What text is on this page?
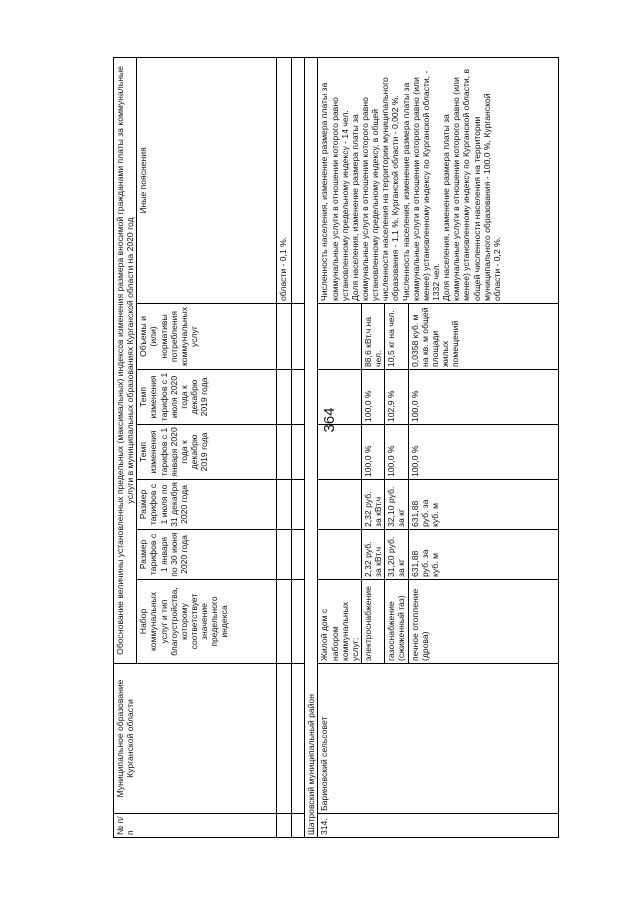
364
№ п/п	Муниципальное образование Курганской области	Обоснование величины установленных предельных (максимальных) индексов изменения размера вносимой гражданами платы за коммунальные услуги в муниципальных образованиях Курганской области на 2020 год						
		Набор коммунальных услуг и тип благоустройства, которому соответствует значение предельного индекса	Размер тарифов с 1 января по 30 июня 2020 года	Размер тарифов с 1 июля по 31 декабря 2020 года	Темп изменения тарифов с 1 января 2020 года к декабрю 2019 года	Темп изменения тарифов с 1 июля 2020 года к декабрю 2019 года	Объемы и (или) нормативы потребления коммунальных услуг	Иные пояснения
								области - 0,1 %.

Шатровский муниципальный район								
314.	Бариновский сельсовет	Жилой дом с набором коммунальных услуг:						Численность населения, изменение размера платы за коммунальные услуги в отношении которого равно установленному предельному индексу - 14 чел.
Доля населения, изменение размера платы за коммунальные услуги в отношении которого равно установленному предельному индексу, в общей численности населения на территории муниципального образования - 1,1 %, Курганской области - 0,002 %.
Численность населения, изменение размера платы за коммунальные услуги в отношении которого равно (или менее) установленному индексу по Курганской области, - 1332 чел.
Доля населения, изменение размера платы за коммунальные услуги в отношении которого равно (или менее) установленному индексу по Курганской области, в общей численности населения на территории муниципального образования - 100,0 %, Курганской области - 0,2 %.
		электроснабжение	2,32 руб. за кВт.ч	2,32 руб. за кВт.ч	100,0 %	100,0 %	88,6 кВт.ч на чел.	
		газоснабжение (сжиженный газ)	31,20 руб. за кг	32,10 руб. за кг	100,0 %	102,9 %	10,5 кг на чел.	
		печное отопление (дрова)	631,88 руб. за куб. м	631,88 руб. за куб. м	100,0 %	100,0 %	0,0358 куб. м на кв. м общей площади жилых помещений	
